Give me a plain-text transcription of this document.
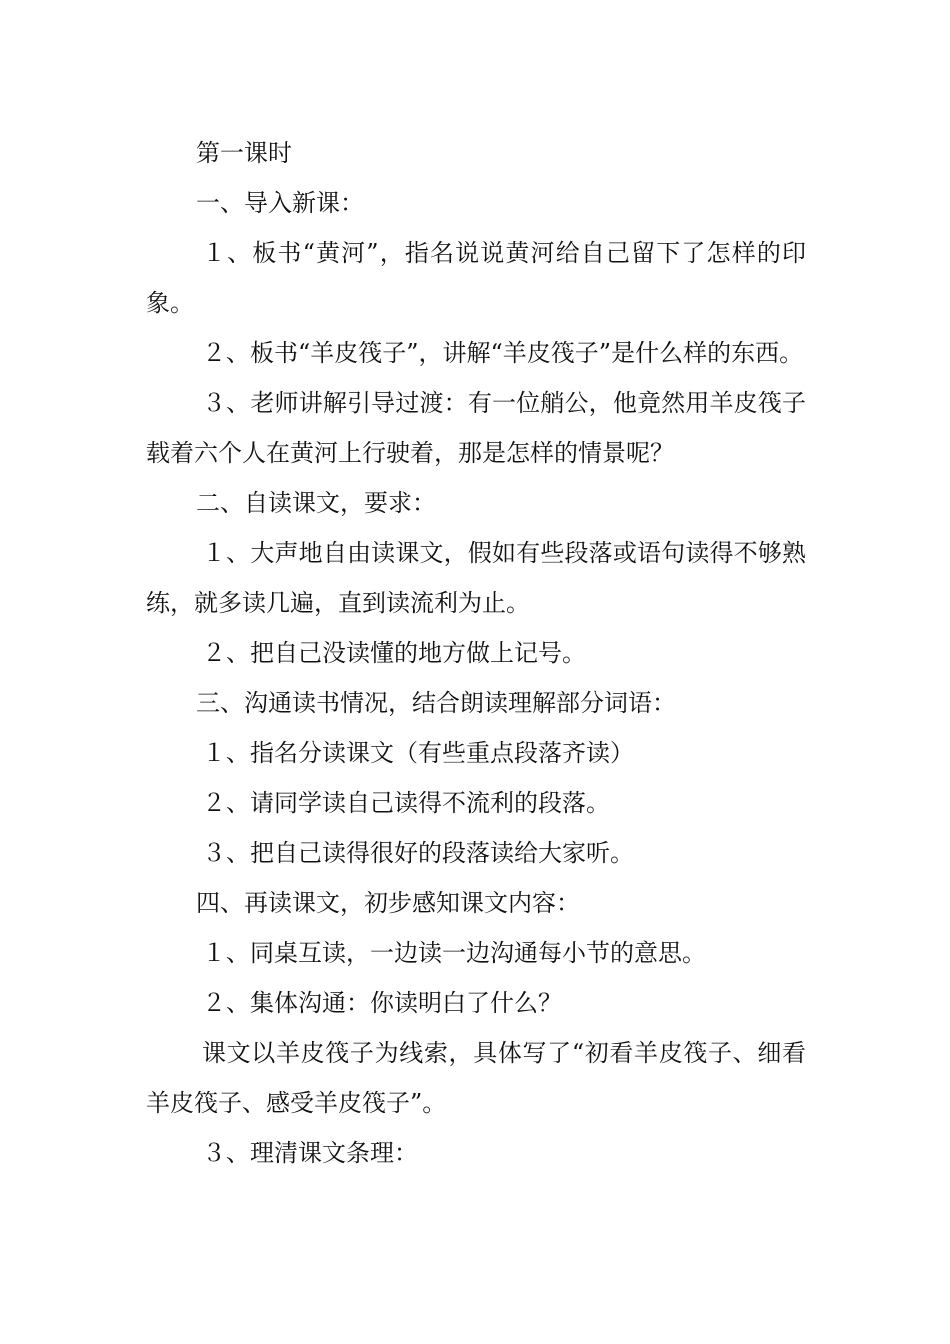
第一课时

一、导入新课：

１、板书“黄河”，指名说说黄河给自己留下了怎样的印象。

２、板书“羊皮筏子”，讲解“羊皮筏子”是什么样的东西。

３、老师讲解引导过渡：有一位艄公，他竟然用羊皮筏子载着六个人在黄河上行驶着，那是怎样的情景呢？

二、自读课文，要求：

１、大声地自由读课文，假如有些段落或语句读得不够熟练，就多读几遍，直到读流利为止。

２、把自己没读懂的地方做上记号。

三、沟通读书情况，结合朗读理解部分词语：

１、指名分读课文（有些重点段落齐读）

２、请同学读自己读得不流利的段落。

３、把自己读得很好的段落读给大家听。

四、再读课文，初步感知课文内容：

１、同桌互读，一边读一边沟通每小节的意思。

２、集体沟通：你读明白了什么？

课文以羊皮筏子为线索，具体写了“初看羊皮筏子、细看羊皮筏子、感受羊皮筏子”。

３、理清课文条理：
